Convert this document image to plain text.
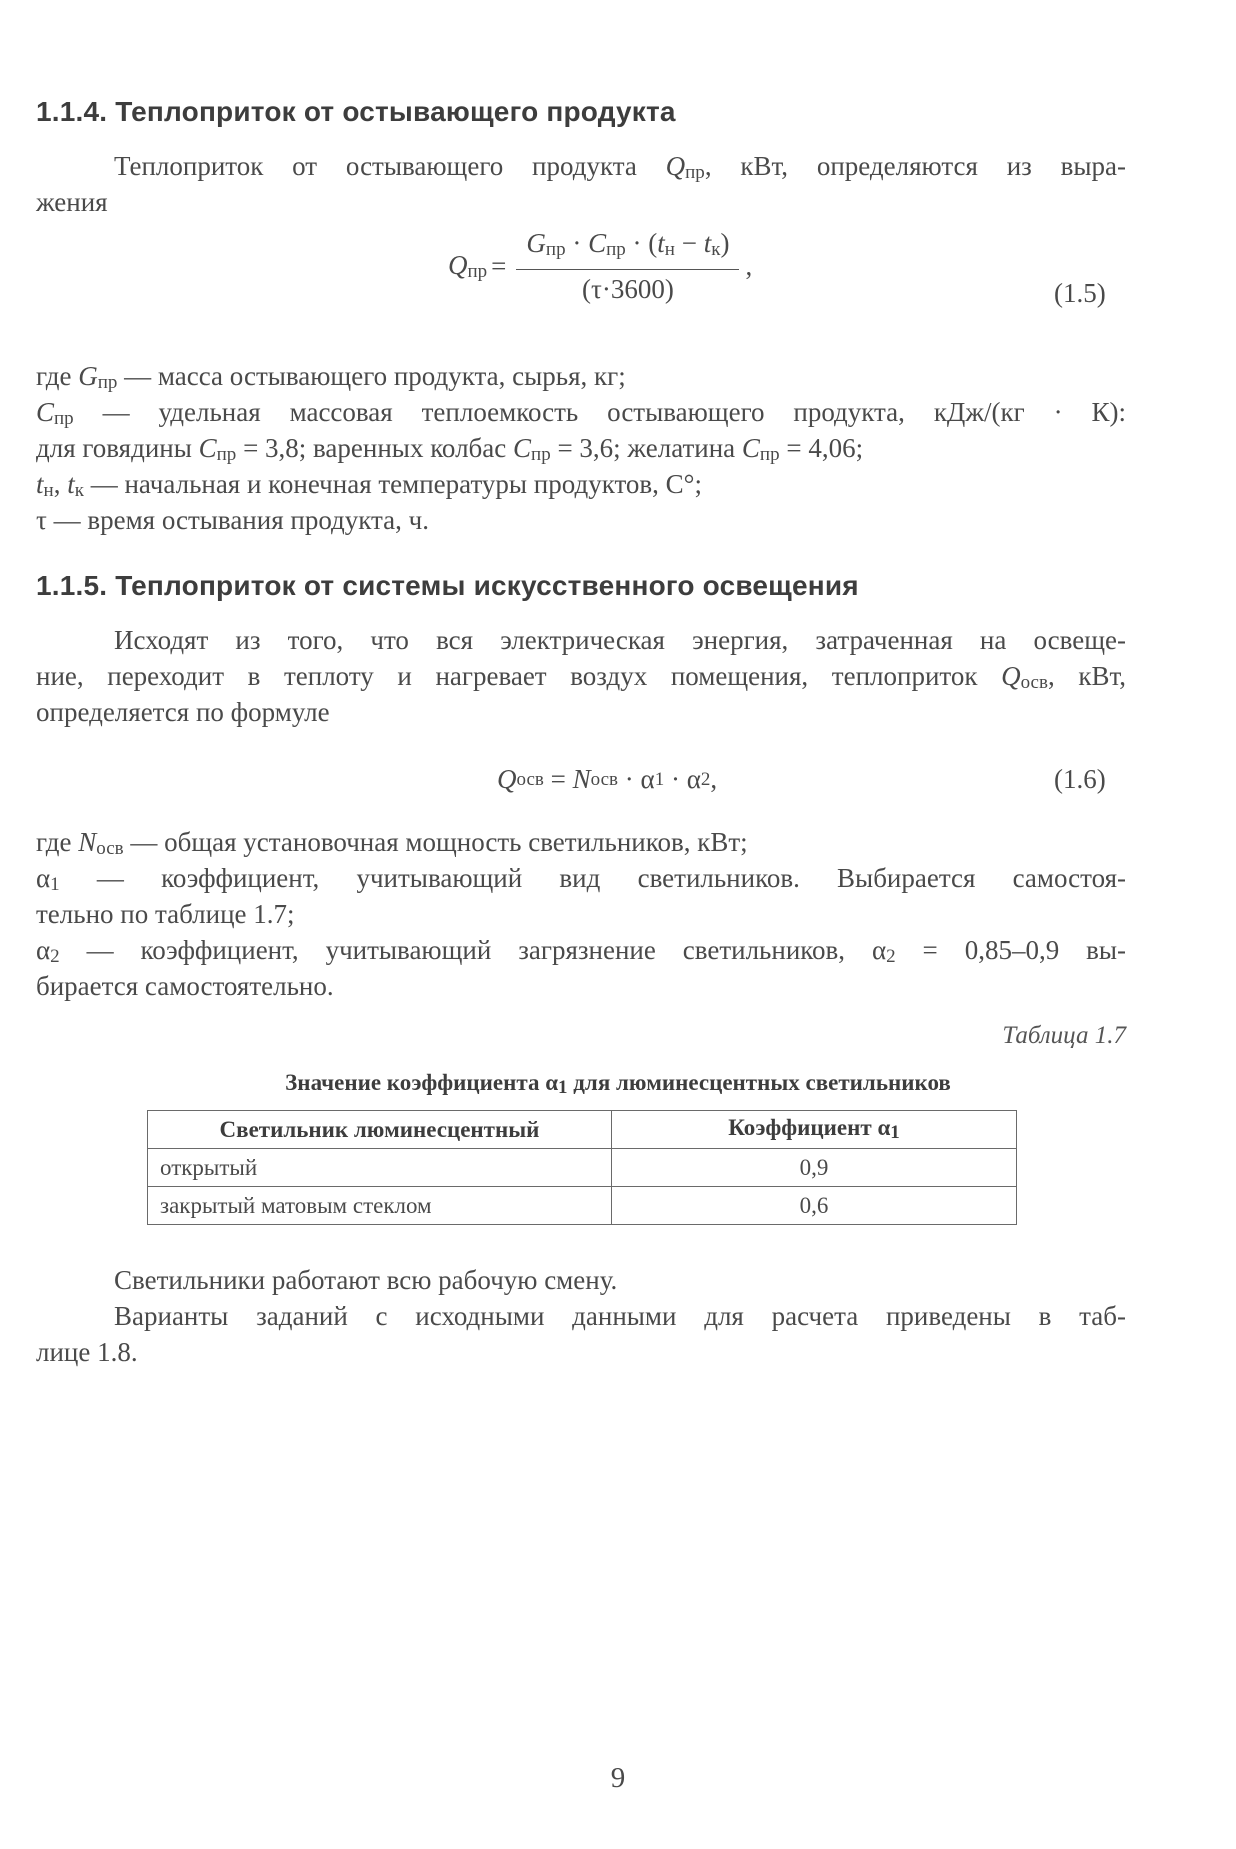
1.1.4. Теплоприток от остывающего продукта

Теплоприток от остывающего продукта Qпр, кВт, определяются из выра-

жения

Qпр = $\frac{\text{Gпр · Cпр · (tн − tк)}}{(\tau\cdot 3600)}$ ,
(1.5)

где Gпр — масса остывающего продукта, сырья, кг;

Cпр — удельная массовая теплоемкость остывающего продукта, кДж/(кг · К):

для говядины Cпр = 3,8; варенных колбас Cпр = 3,6; желатина Cпр = 4,06;

tн, tк — начальная и конечная температуры продуктов, С°;

τ — время остывания продукта, ч.

1.1.5. Теплоприток от системы искусственного освещения

Исходят из того, что вся электрическая энергия, затраченная на освеще-

ние, переходит в теплоту и нагревает воздух помещения, теплоприток Qосв, кВт,

определяется по формуле

Q осв = N осв · α 1 · α 2 ,	(1.6)

где Nосв — общая установочная мощность светильников, кВт;

α1 — коэффициент, учитывающий вид светильников. Выбирается самостоя-

тельно по таблице 1.7;

α2 — коэффициент, учитывающий загрязнение светильников, α2 = 0,85–0,9 вы-

бирается самостоятельно.

Таблица 1.7
Значение коэффициента α1 для люминесцентных светильников
Светильник люминесцентный	Коэффициент α1
открытый	0,9
закрытый матовым стеклом	0,6

Светильники работают всю рабочую смену.

Варианты заданий с исходными данными для расчета приведены в таб-

лице 1.8.

9
